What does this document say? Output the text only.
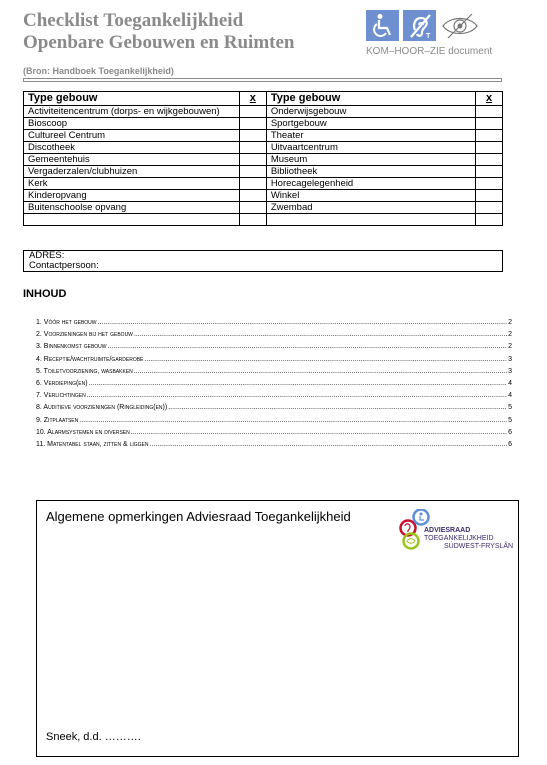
Checklist Toegankelijkheid
Openbare Gebouwen en Ruimten	T
KOM–HOOR–ZIE document
(Bron: Handboek Toegankelijkheid)
Type gebouw	x	Type gebouw	x
Activiteitencentrum (dorps- en wijkgebouwen)		Onderwijsgebouw	
Bioscoop		Sportgebouw	
Cultureel Centrum		Theater	
Discotheek		Uitvaartcentrum	
Gemeentehuis		Museum	
Vergaderzalen/clubhuizen		Bibliotheek	
Kerk		Horecagelegenheid	
Kinderopvang		Winkel	
Buitenschoolse opvang		Zwembad	

ADRES:
Contactpersoon:
INHOUD
1. Vóór het gebouw .....	2
2. Voorzieningen bij het gebouw .....	2
3. Binnenkomst gebouw .....	2
4. Receptie/wachtruimte/garderobe .....	3
5. Toiletvoorziening, wasbakken .....	3
6. Verdieping(en) .....	4
7. Verlichtingen .....	4
8. Auditieve voorzieningen (Ringleiding(en)) .....	5
9. Zitplaatsen .....	5
10. Alarmsystemen en diversen .....	6
11. Matentabel staan, zitten & liggen .....	6
Algemene opmerkingen Adviesraad Toegankelijkheid
ADVIESRAAD
TOEGANKELIJKHEID
SÚDWEST-FRYSLÂN
Sneek, d.d. ……….
